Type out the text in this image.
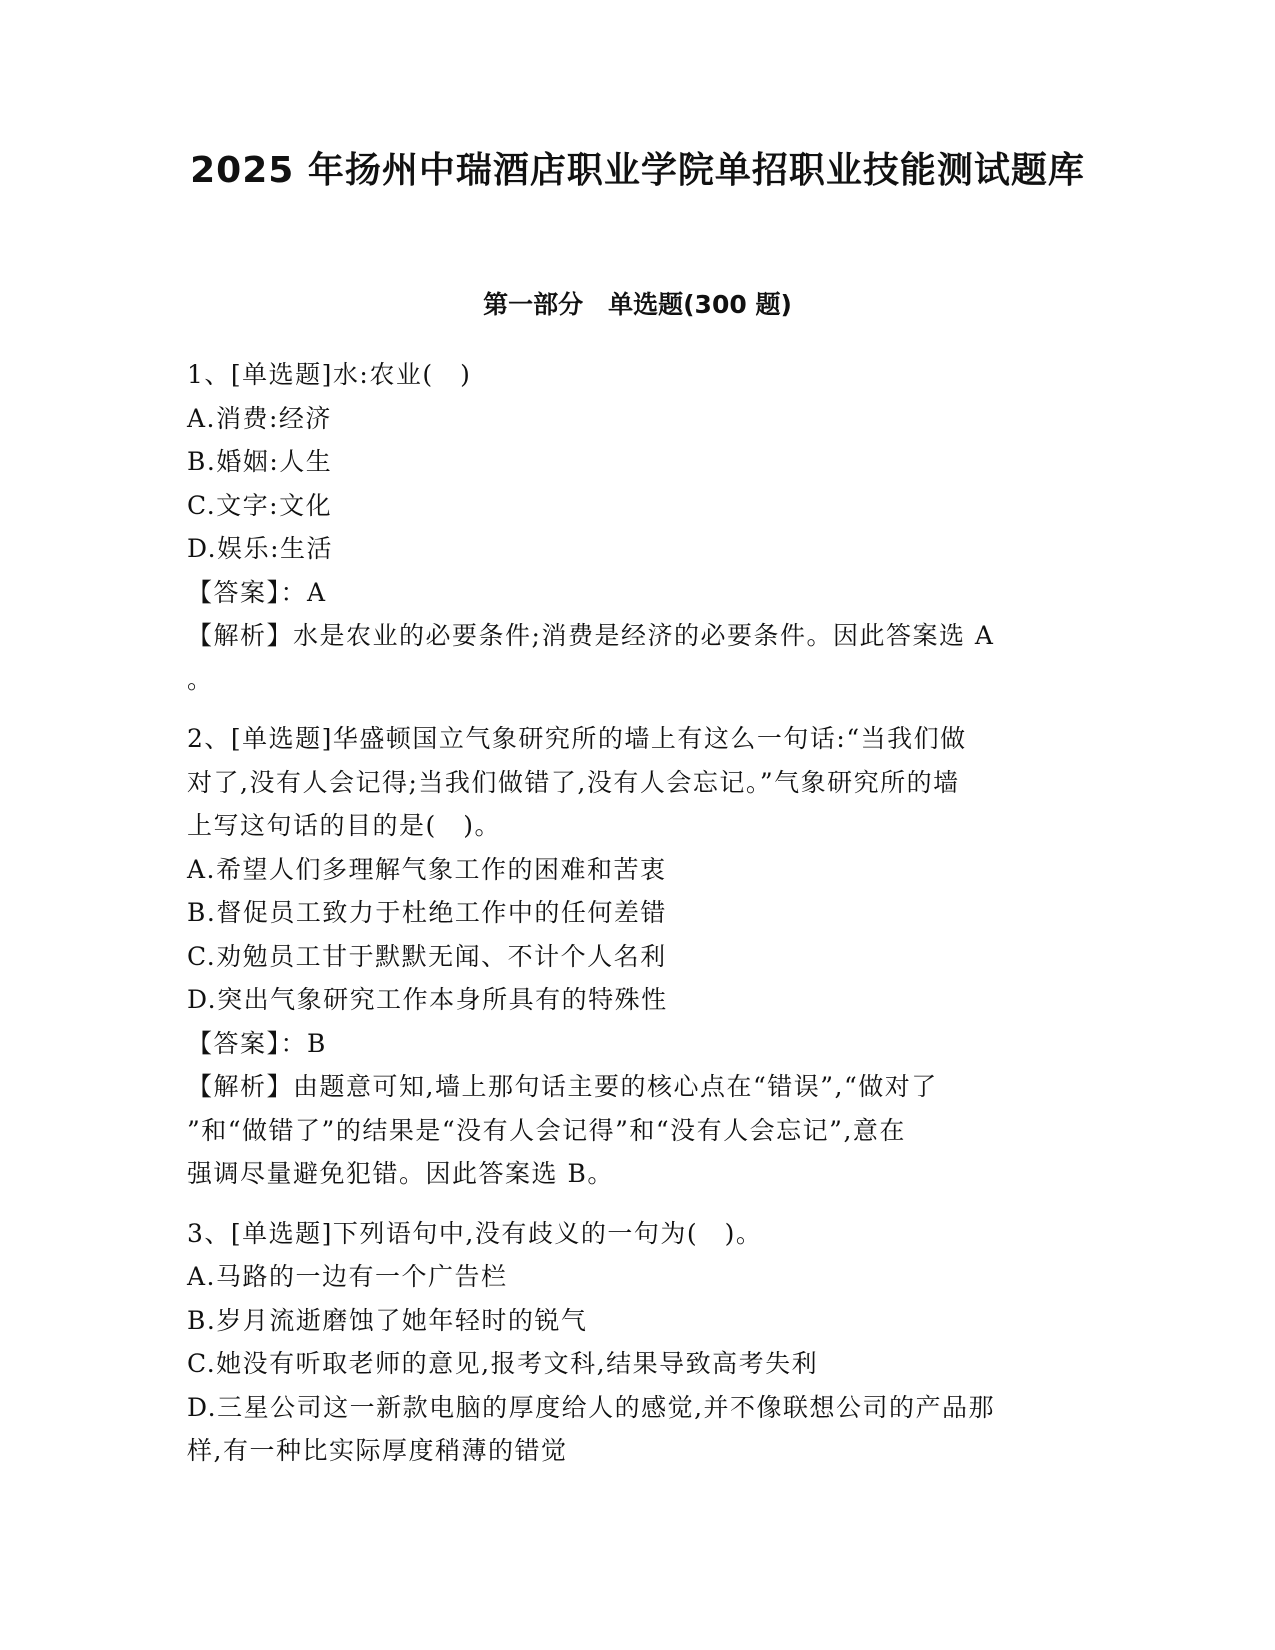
2025 年扬州中瑞酒店职业学院单招职业技能测试题库
第一部分　单选题(300 题)
1、[单选题]水:农业(　)
A.消费:经济
B.婚姻:人生
C.文字:文化
D.娱乐:生活
【答案】：A
【解析】水是农业的必要条件;消费是经济的必要条件。因此答案选 A
。
2、[单选题]华盛顿国立气象研究所的墙上有这么一句话:“当我们做
对了,没有人会记得;当我们做错了,没有人会忘记。”气象研究所的墙
上写这句话的目的是(　)。
A.希望人们多理解气象工作的困难和苦衷
B.督促员工致力于杜绝工作中的任何差错
C.劝勉员工甘于默默无闻、不计个人名利
D.突出气象研究工作本身所具有的特殊性
【答案】：B
【解析】由题意可知,墙上那句话主要的核心点在“错误”,“做对了
”和“做错了”的结果是“没有人会记得”和“没有人会忘记”,意在
强调尽量避免犯错。因此答案选 B。
3、[单选题]下列语句中,没有歧义的一句为(　)。
A.马路的一边有一个广告栏
B.岁月流逝磨蚀了她年轻时的锐气
C.她没有听取老师的意见,报考文科,结果导致高考失利
D.三星公司这一新款电脑的厚度给人的感觉,并不像联想公司的产品那
样,有一种比实际厚度稍薄的错觉
